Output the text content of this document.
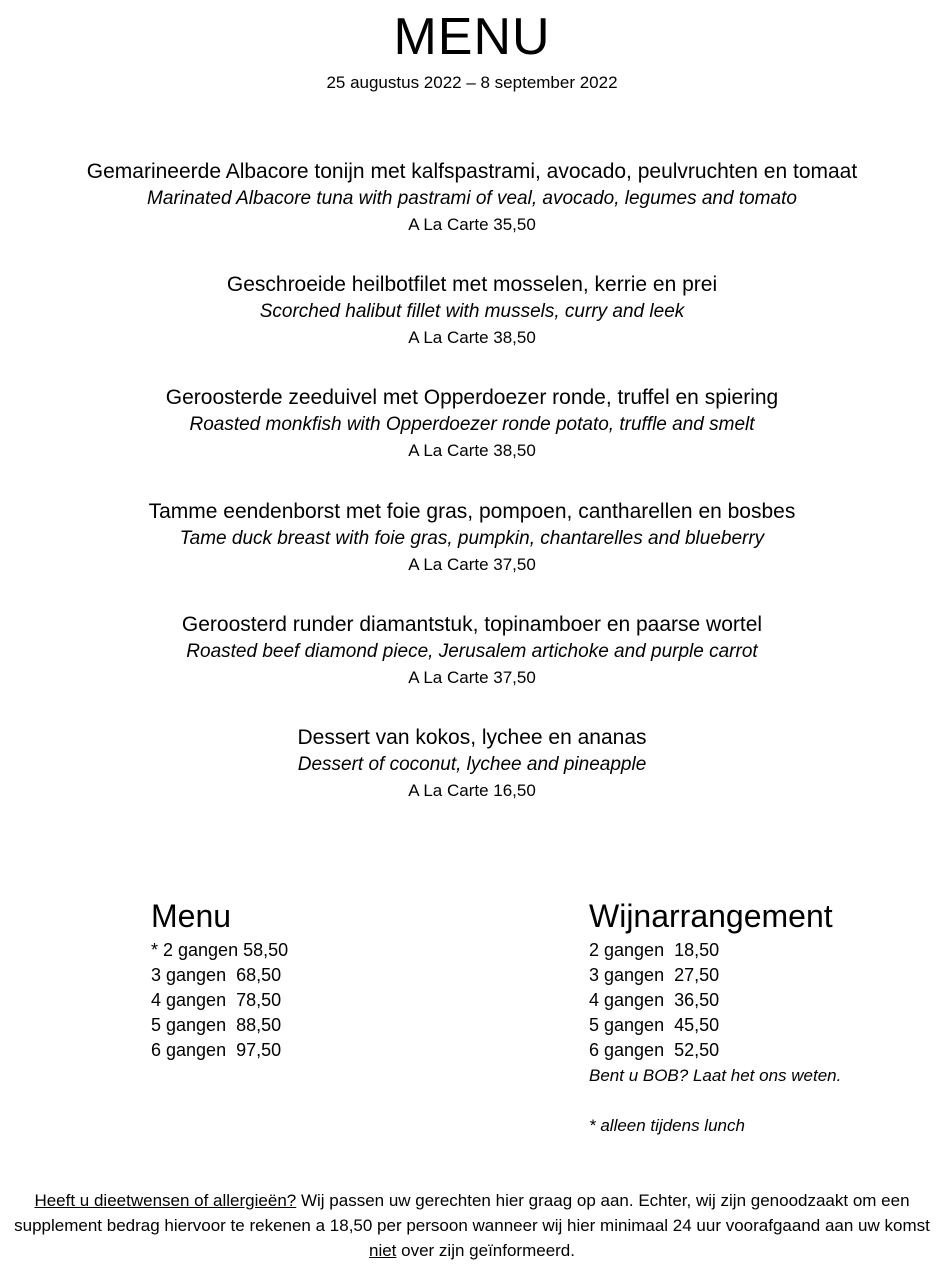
MENU
25 augustus 2022 – 8 september 2022
Gemarineerde Albacore tonijn met kalfspastrami, avocado, peulvruchten en tomaat
Marinated Albacore tuna with pastrami of veal, avocado, legumes and tomato
A La Carte 35,50
Geschroeide heilbotfilet met mosselen, kerrie en prei
Scorched halibut fillet with mussels, curry and leek
A La Carte 38,50
Geroosterde zeeduivel met Opperdoezer ronde, truffel en spiering
Roasted monkfish with Opperdoezer ronde potato, truffle and smelt
A La Carte 38,50
Tamme eendenborst met foie gras, pompoen, cantharellen en bosbes
Tame duck breast with foie gras, pumpkin, chantarelles and blueberry
A La Carte 37,50
Geroosterd runder diamantstuk, topinamboer en paarse wortel
Roasted beef diamond piece, Jerusalem artichoke and purple carrot
A La Carte 37,50
Dessert van kokos, lychee en ananas
Dessert of coconut, lychee and pineapple
A La Carte 16,50
Menu
* 2 gangen 58,50
3 gangen  68,50
4 gangen  78,50
5 gangen  88,50
6 gangen  97,50
Wijnarrangement
2 gangen  18,50
3 gangen  27,50
4 gangen  36,50
5 gangen  45,50
6 gangen  52,50
Bent u BOB? Laat het ons weten.
* alleen tijdens lunch
Heeft u dieetwensen of allergieën? Wij passen uw gerechten hier graag op aan. Echter, wij zijn genoodzaakt om een supplement bedrag hiervoor te rekenen a 18,50 per persoon wanneer wij hier minimaal 24 uur voorafgaand aan uw komst niet over zijn geïnformeerd.
